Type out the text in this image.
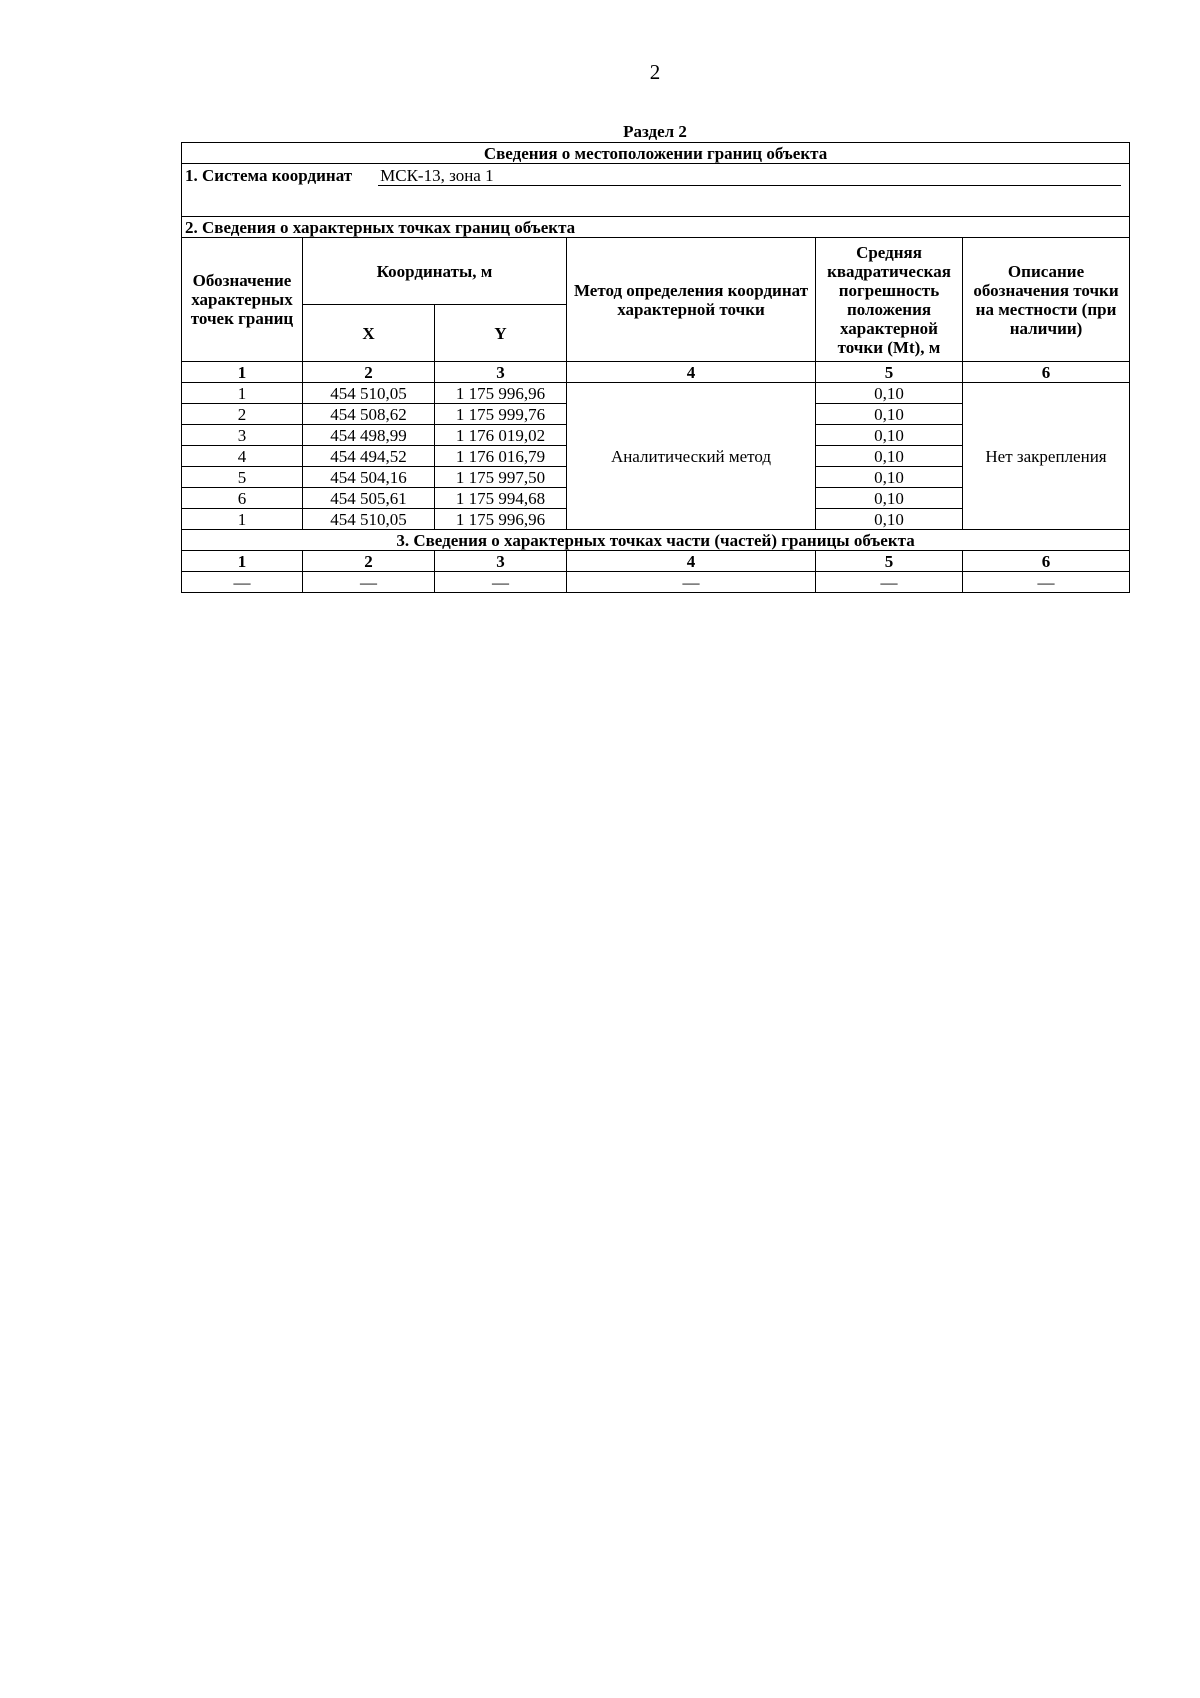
2
Раздел 2
Сведения о местоположении границ объекта					

1. Система координат МСК-13, зона 1					

2. Сведения о характерных точках границ объекта					
Обозначение характерных точек границ	Координаты, м		Метод определения координат характерной точки	Средняя квадратическая погрешность положения характерной точки (Mt), м	Описание обозначения точки на местности (при наличии)
	X	Y			
1	2	3	4	5	6
1	454 510,05	1 175 996,96	Аналитический метод	0,10	Нет закрепления
2	454 508,62	1 175 999,76		0,10	
3	454 498,99	1 176 019,02		0,10	
4	454 494,52	1 176 016,79		0,10	
5	454 504,16	1 175 997,50		0,10	
6	454 505,61	1 175 994,68		0,10	
1	454 510,05	1 175 996,96		0,10	
3. Сведения о характерных точках части (частей) границы объекта					
1	2	3	4	5	6
—	—	—	—	—	—
